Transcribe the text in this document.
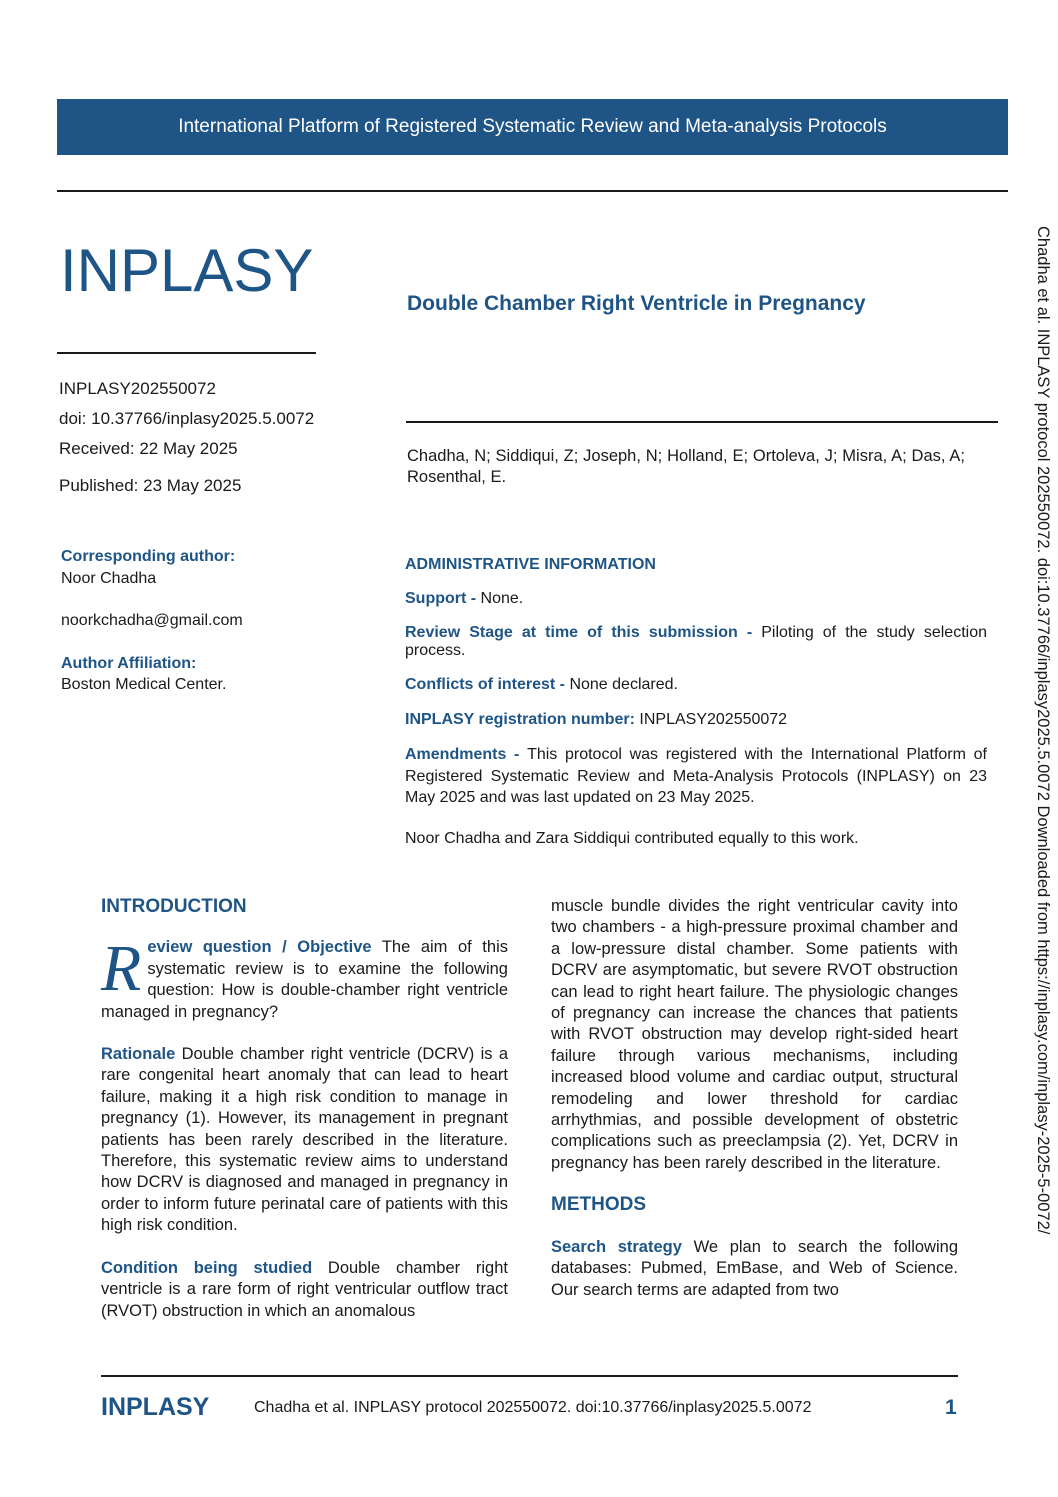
International Platform of Registered Systematic Review and Meta-analysis Protocols
INPLASY	Double Chamber Right Ventricle in Pregnancy
INPLASY202550072
doi: 10.37766/inplasy2025.5.0072
Received: 22 May 2025
Published: 23 May 2025
Chadha, N; Siddiqui, Z; Joseph, N; Holland, E; Ortoleva, J; Misra, A; Das, A; Rosenthal, E.
Corresponding author:
Noor Chadha
noorkchadha@gmail.com
Author Affiliation:
Boston Medical Center.
ADMINISTRATIVE INFORMATION
Support - None.
Review Stage at time of this submission - Piloting of the study selection process.
Conflicts of interest - None declared.
INPLASY registration number: INPLASY202550072
Amendments - This protocol was registered with the International Platform of Registered Systematic Review and Meta-Analysis Protocols (INPLASY) on 23 May 2025 and was last updated on 23 May 2025.
Noor Chadha and Zara Siddiqui contributed equally to this work.
INTRODUCTION

Review question / Objective The aim of this systematic review is to examine the following question: How is double-chamber right ventricle managed in pregnancy?

Rationale Double chamber right ventricle (DCRV) is a rare congenital heart anomaly that can lead to heart failure, making it a high risk condition to manage in pregnancy (1). However, its management in pregnant patients has been rarely described in the literature. Therefore, this systematic review aims to understand how DCRV is diagnosed and managed in pregnancy in order to inform future perinatal care of patients with this high risk condition.

Condition being studied Double chamber right ventricle is a rare form of right ventricular outflow tract (RVOT) obstruction in which an anomalous

muscle bundle divides the right ventricular cavity into two chambers - a high-pressure proximal chamber and a low-pressure distal chamber. Some patients with DCRV are asymptomatic, but severe RVOT obstruction can lead to right heart failure. The physiologic changes of pregnancy can increase the chances that patients with RVOT obstruction may develop right-sided heart failure through various mechanisms, including increased blood volume and cardiac output, structural remodeling and lower threshold for cardiac arrhythmias, and possible development of obstetric complications such as preeclampsia (2). Yet, DCRV in pregnancy has been rarely described in the literature.

METHODS

Search strategy We plan to search the following databases: Pubmed, EmBase, and Web of Science. Our search terms are adapted from two

INPLASY	Chadha et al. INPLASY protocol 202550072. doi:10.37766/inplasy2025.5.0072	1
Chadha et al. INPLASY protocol 202550072. doi:10.37766/inplasy2025.5.0072 Downloaded from https://inplasy.com/inplasy-2025-5-0072/
